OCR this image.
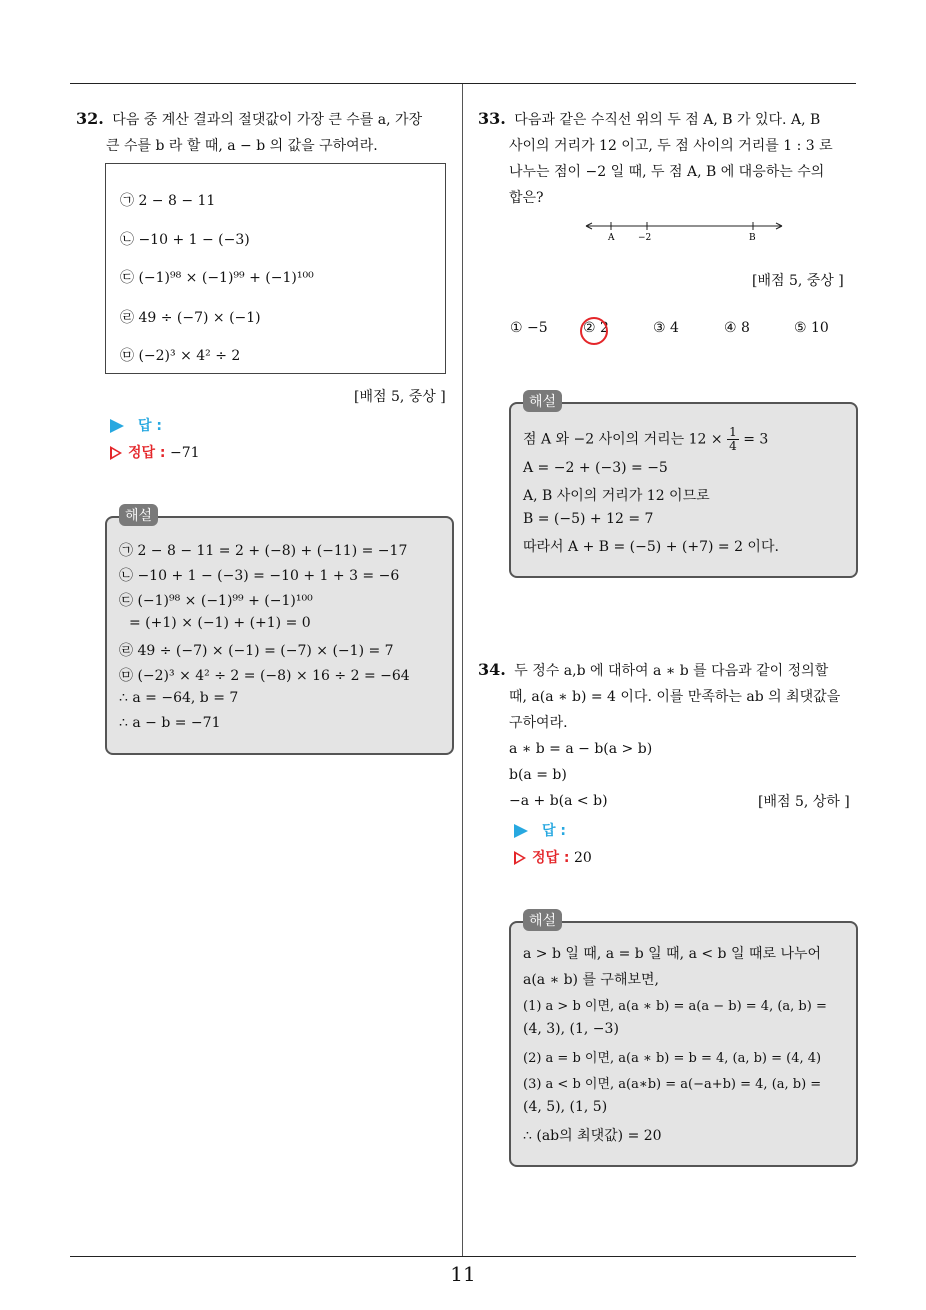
11
32. 다음 중 계산 결과의 절댓값이 가장 큰 수를 a, 가장
큰 수를 b 라 할 때, a − b 의 값을 구하여라.
㉠ 2 − 8 − 11
㉡ −10 + 1 − (−3)
㉢ (−1)⁹⁸ × (−1)⁹⁹ + (−1)¹⁰⁰
㉣ 49 ÷ (−7) × (−1)
㉤ (−2)³ × 4² ÷ 2
[배점 5, 중상 ]
답 :
정답 : −71
해설
㉠ 2 − 8 − 11 = 2 + (−8) + (−11) = −17
㉡ −10 + 1 − (−3) = −10 + 1 + 3 = −6
㉢ (−1)⁹⁸ × (−1)⁹⁹ + (−1)¹⁰⁰
= (+1) × (−1) + (+1) = 0
㉣ 49 ÷ (−7) × (−1) = (−7) × (−1) = 7
㉤ (−2)³ × 4² ÷ 2 = (−8) × 16 ÷ 2 = −64
∴ a = −64, b = 7
∴ a − b = −71
33. 다음과 같은 수직선 위의 두 점 A, B 가 있다. A, B
사이의 거리가 12 이고, 두 점 사이의 거리를 1 : 3 로
나누는 점이 −2 일 때, 두 점 A, B 에 대응하는 수의
합은?
A	−2	B
[배점 5, 중상 ]
① −5	② 2	③ 4	④ 8	⑤ 10
해설
점 A 와 −2 사이의 거리는 $12 \times \frac{1}{4} = 3$
A = −2 + (−3) = −5
A, B 사이의 거리가 12 이므로
B = (−5) + 12 = 7
따라서 A + B = (−5) + (+7) = 2 이다.
34. 두 정수 a,b 에 대하여 a ∗ b 를 다음과 같이 정의할
때, a(a ∗ b) = 4 이다. 이를 만족하는 ab 의 최댓값을
구하여라.
a ∗ b = a − b(a > b)
b(a = b)
−a + b(a < b)	[배점 5, 상하 ]
답 :
정답 : 20
해설
a > b 일 때, a = b 일 때, a < b 일 때로 나누어
a(a ∗ b) 를 구해보면,
(1) a > b 이면, a(a ∗ b) = a(a − b) = 4, (a, b) =
(4, 3), (1, −3)
(2) a = b 이면, a(a ∗ b) = b = 4, (a, b) = (4, 4)
(3) a < b 이면, a(a∗b) = a(−a+b) = 4, (a, b) =
(4, 5), (1, 5)
∴ (ab의 최댓값) = 20
